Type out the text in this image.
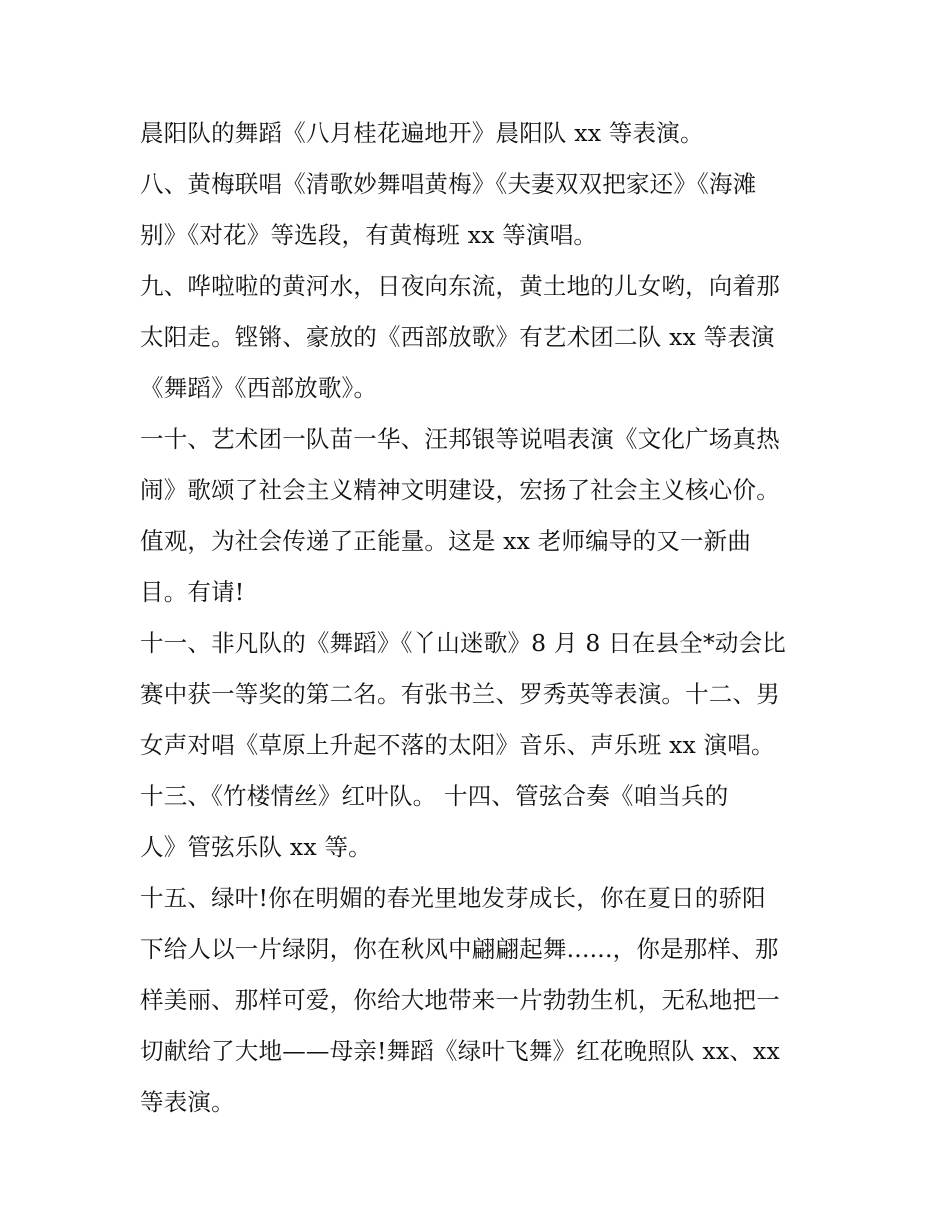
晨阳队的舞蹈《八月桂花遍地开》晨阳队 xx 等表演。
八、黄梅联唱《清歌妙舞唱黄梅》《夫妻双双把家还》《海滩
别》《对花》等选段，有黄梅班 xx 等演唱。
九、哗啦啦的黄河水，日夜向东流，黄土地的儿女哟，向着那
太阳走。铿锵、豪放的《西部放歌》有艺术团二队 xx 等表演
《舞蹈》《西部放歌》。
一十、艺术团一队苗一华、汪邦银等说唱表演《文化广场真热
闹》歌颂了社会主义精神文明建设，宏扬了社会主义核心价。
值观，为社会传递了正能量。这是 xx 老师编导的又一新曲
目。有请!
十一、非凡队的《舞蹈》《丫山迷歌》8 月 8 日在县全*动会比
赛中获一等奖的第二名。有张书兰、罗秀英等表演。十二、男
女声对唱《草原上升起不落的太阳》音乐、声乐班 xx 演唱。
十三、《竹楼情丝》红叶队。 十四、管弦合奏《咱当兵的
人》管弦乐队 xx 等。
十五、绿叶!你在明媚的春光里地发芽成长，你在夏日的骄阳
下给人以一片绿阴，你在秋风中翩翩起舞......，你是那样、那
样美丽、那样可爱，你给大地带来一片勃勃生机，无私地把一
切献给了大地——母亲!舞蹈《绿叶飞舞》红花晚照队 xx、xx
等表演。
